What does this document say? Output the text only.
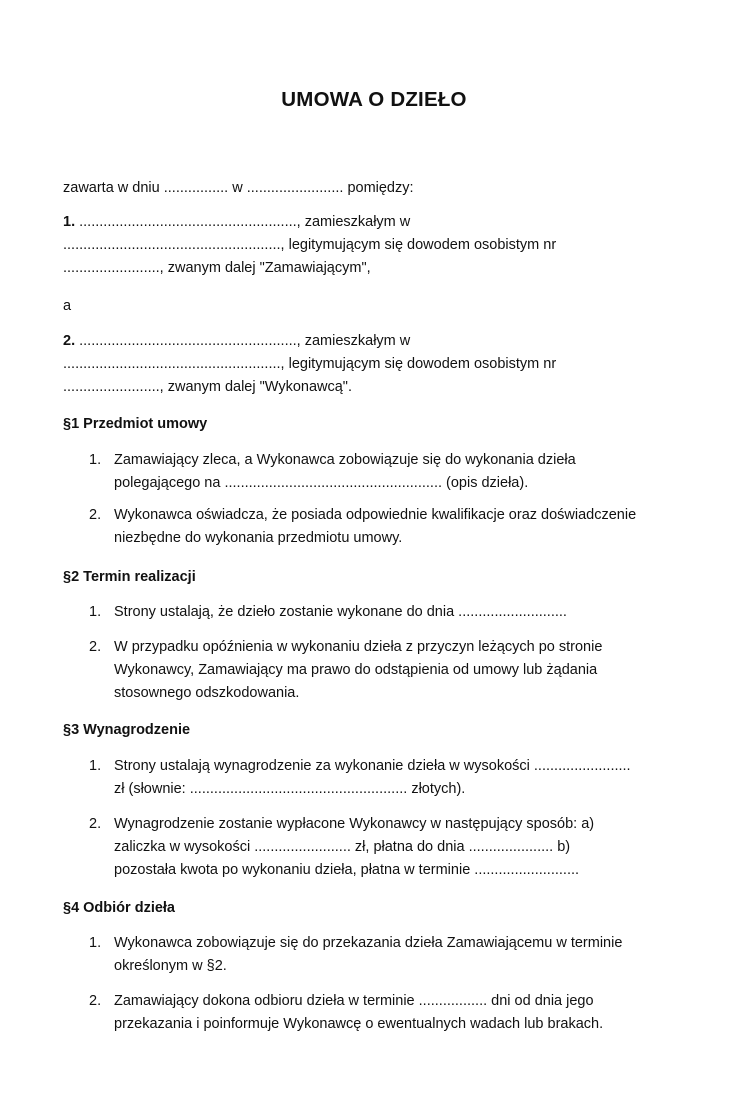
UMOWA O DZIEŁO

zawarta w dniu ................ w ........................ pomiędzy:

1. ......................................................, zamieszkałym w
......................................................, legitymującym się dowodem osobistym nr
........................, zwanym dalej "Zamawiającym",

a

2. ......................................................, zamieszkałym w
......................................................, legitymującym się dowodem osobistym nr
........................, zwanym dalej "Wykonawcą".
§1 Przedmiot umowy
1. Zamawiający zleca, a Wykonawca zobowiązuje się do wykonania dzieła
polegającego na ...................................................... (opis dzieła).
2. Wykonawca oświadcza, że posiada odpowiednie kwalifikacje oraz doświadczenie
niezbędne do wykonania przedmiotu umowy.
§2 Termin realizacji
1. Strony ustalają, że dzieło zostanie wykonane do dnia ...........................
2. W przypadku opóźnienia w wykonaniu dzieła z przyczyn leżących po stronie
Wykonawcy, Zamawiający ma prawo do odstąpienia od umowy lub żądania
stosownego odszkodowania.
§3 Wynagrodzenie
1. Strony ustalają wynagrodzenie za wykonanie dzieła w wysokości ........................
zł (słownie: ...................................................... złotych).
2. Wynagrodzenie zostanie wypłacone Wykonawcy w następujący sposób: a)
zaliczka w wysokości ........................ zł, płatna do dnia ..................... b)
pozostała kwota po wykonaniu dzieła, płatna w terminie ..........................
§4 Odbiór dzieła
1. Wykonawca zobowiązuje się do przekazania dzieła Zamawiającemu w terminie
określonym w §2.
2. Zamawiający dokona odbioru dzieła w terminie ................. dni od dnia jego
przekazania i poinformuje Wykonawcę o ewentualnych wadach lub brakach.
